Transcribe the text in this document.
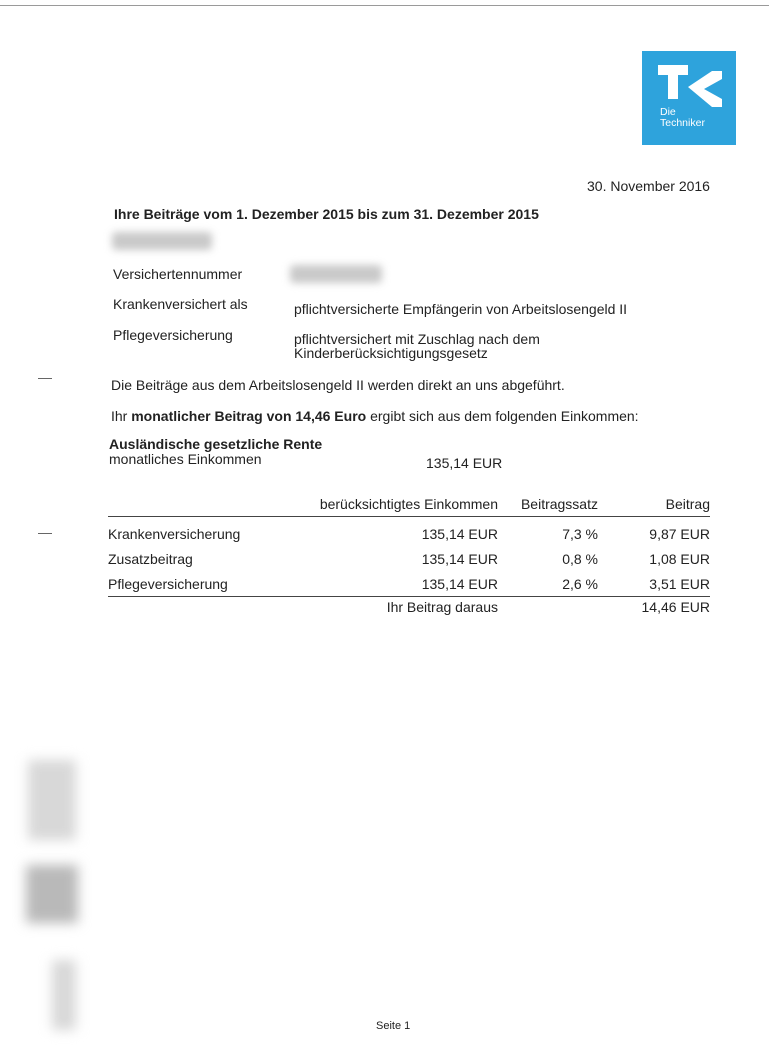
Die
Techniker
30. November 2016
Ihre Beiträge vom 1. Dezember 2015 bis zum 31. Dezember 2015
Versichertennummer
Krankenversichert als	pflichtversicherte Empfängerin von Arbeitslosengeld II
Pflegeversicherung	pflichtversichert mit Zuschlag nach dem
Kinderberücksichtigungsgesetz
Die Beiträge aus dem Arbeitslosengeld II werden direkt an uns abgeführt.
Ihr monatlicher Beitrag von 14,46 Euro ergibt sich aus dem folgenden Einkommen:
Ausländische gesetzliche Rente
monatliches Einkommen	135,14 EUR
	berücksichtigtes Einkommen	Beitragssatz	Beitrag
Krankenversicherung	135,14 EUR	7,3 %	9,87 EUR
Zusatzbeitrag	135,14 EUR	0,8 %	1,08 EUR
Pflegeversicherung	135,14 EUR	2,6 %	3,51 EUR
	Ihr Beitrag daraus		14,46 EUR
Seite 1
